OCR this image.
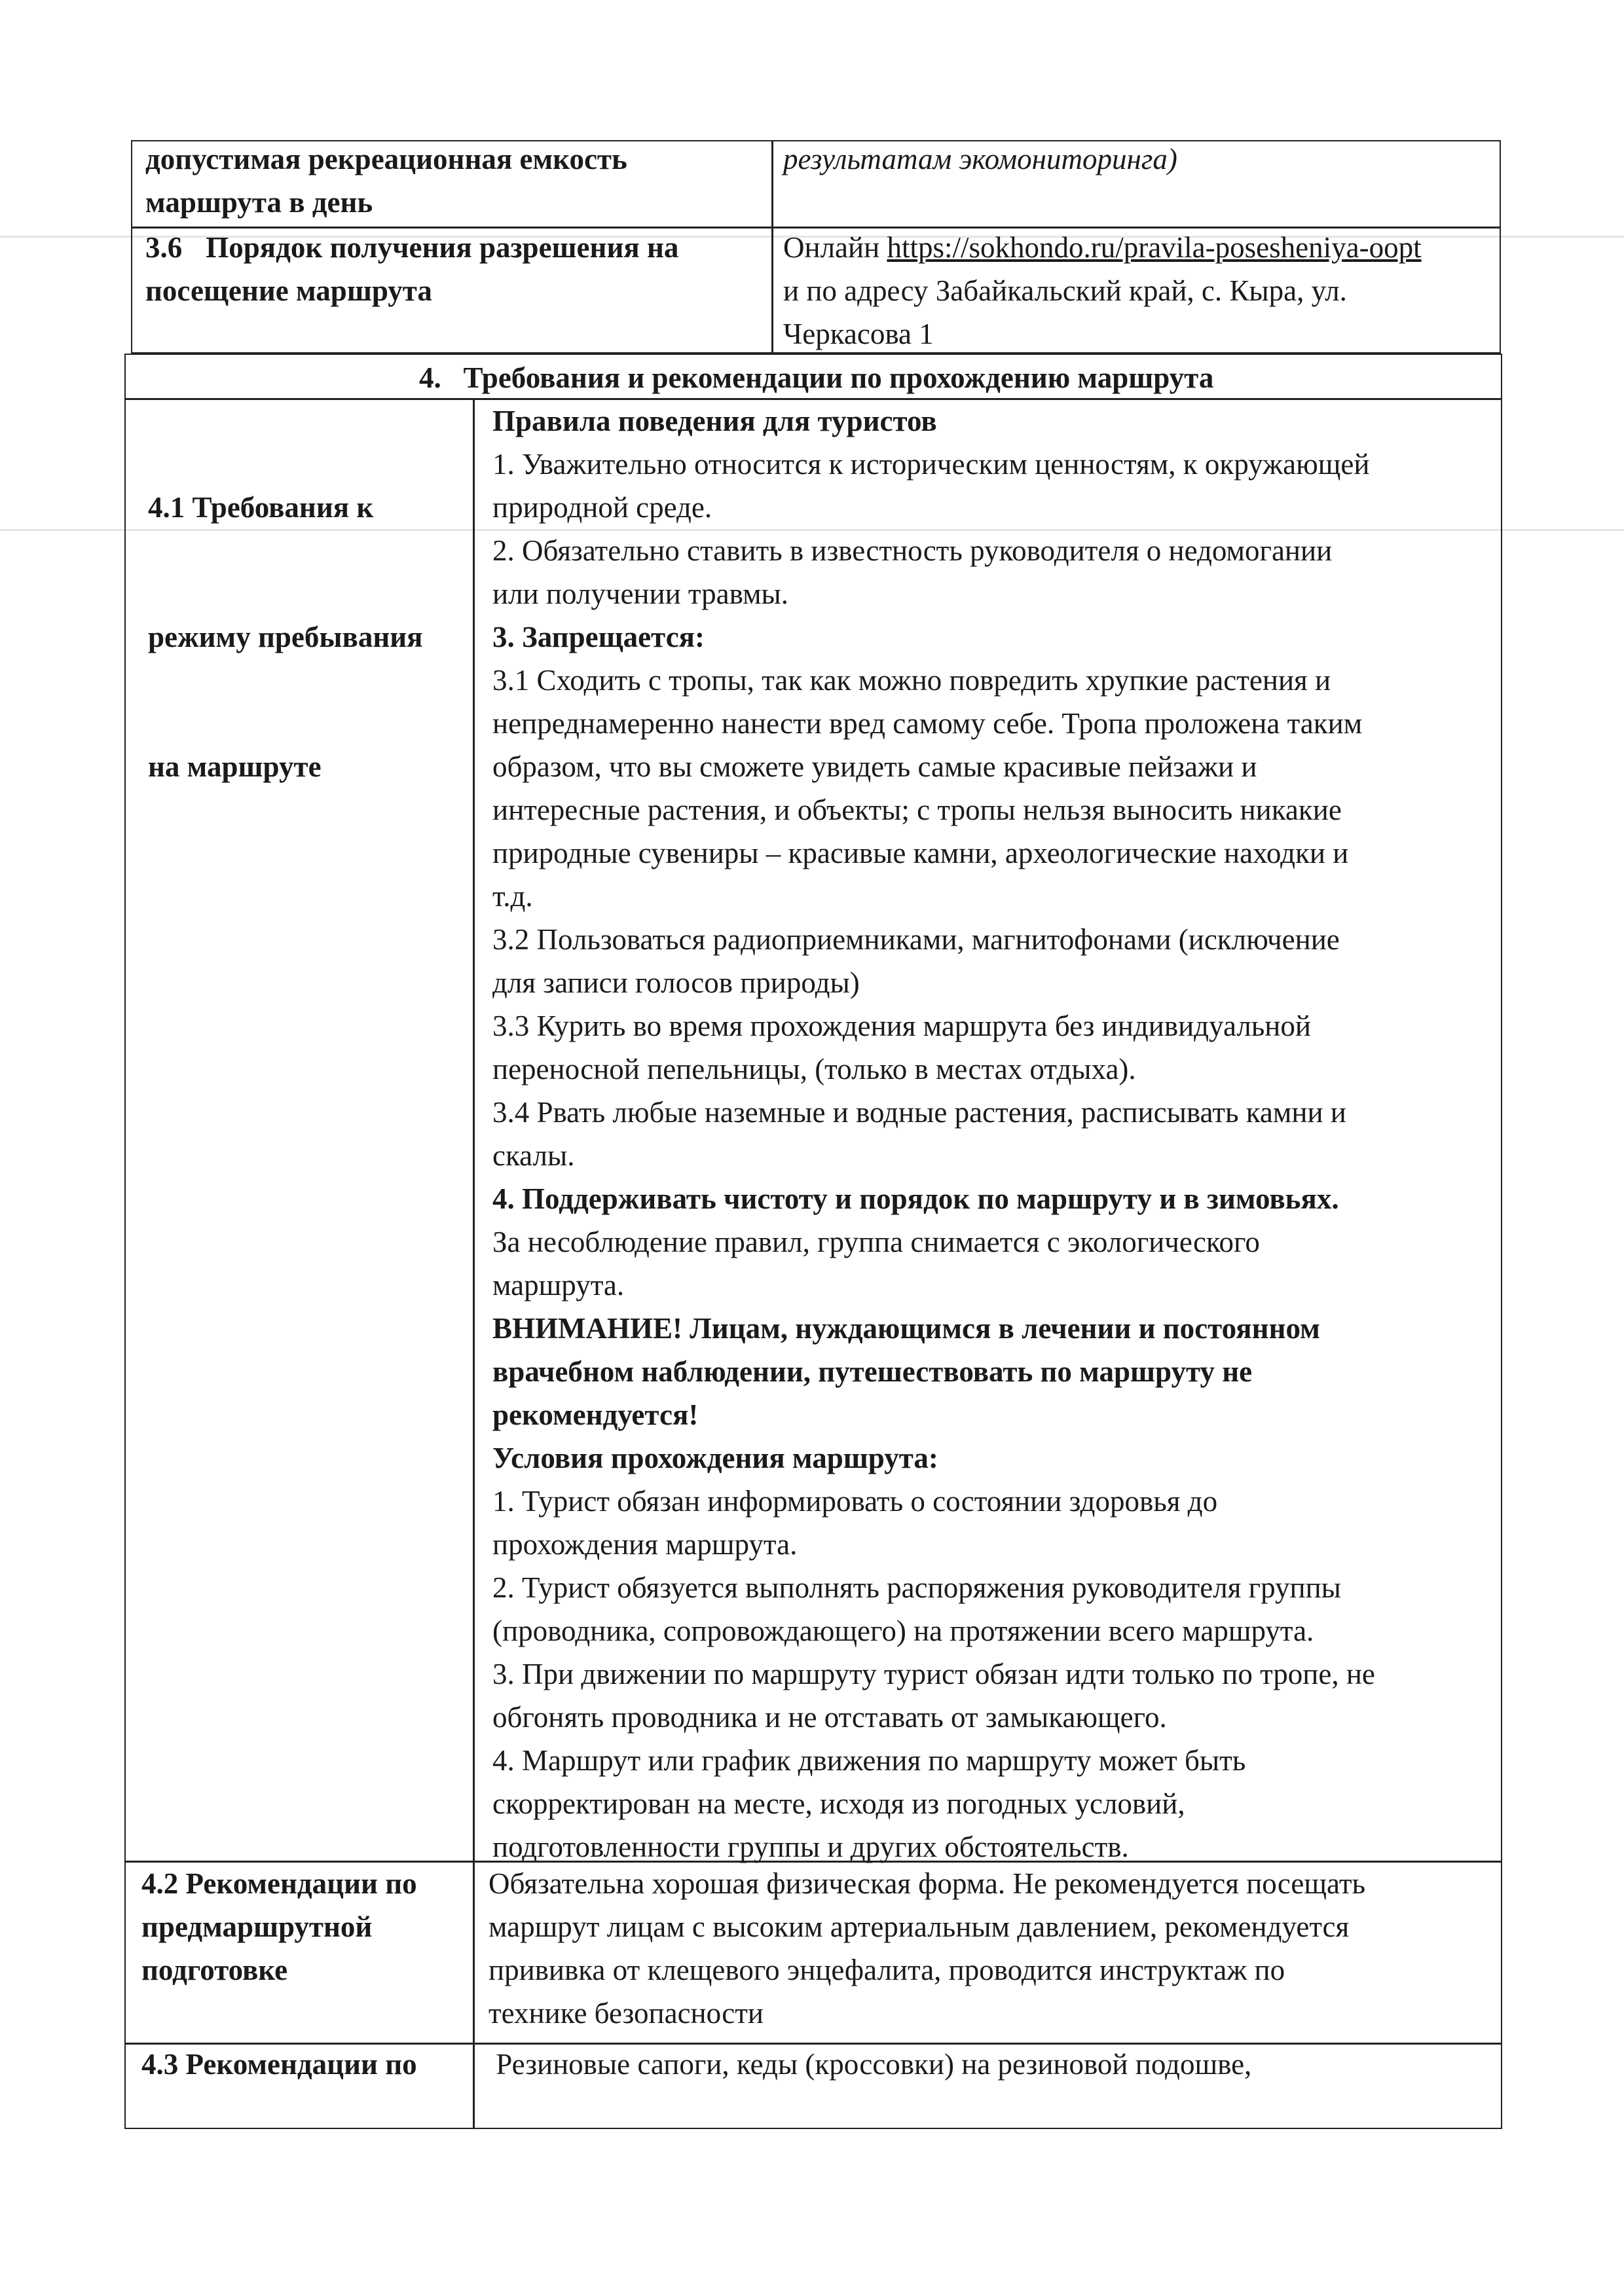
допустимая рекреационная емкость
маршрута в день
результатам экомониторинга)
3.6 Порядок получения разрешения на
посещение маршрута
Онлайн https://sokhondo.ru/pravila-posesheniya-oopt
и по адресу Забайкальский край, с. Кыра, ул.
Черкасова 1
4.   Требования и рекомендации по прохождению маршрута

4.1 Требования к

режиму пребывания

на маршруте

Правила поведения для туристов
1. Уважительно относится к историческим ценностям, к окружающей
природной среде.
2. Обязательно ставить в известность руководителя о недомогании
или получении травмы.
3. Запрещается:
3.1 Сходить с тропы, так как можно повредить хрупкие растения и
непреднамеренно нанести вред самому себе. Тропа проложена таким
образом, что вы сможете увидеть самые красивые пейзажи и
интересные растения, и объекты; с тропы нельзя выносить никакие
природные сувениры – красивые камни, археологические находки и
т.д.
3.2 Пользоваться радиоприемниками, магнитофонами (исключение
для записи голосов природы)
3.3 Курить во время прохождения маршрута без индивидуальной
переносной пепельницы, (только в местах отдыха).
3.4 Рвать любые наземные и водные растения, расписывать камни и
скалы.
4. Поддерживать чистоту и порядок по маршруту и в зимовьях.
За несоблюдение правил, группа снимается с экологического
маршрута.
ВНИМАНИЕ! Лицам, нуждающимся в лечении и постоянном
врачебном наблюдении, путешествовать по маршруту не
рекомендуется!
Условия прохождения маршрута:
1. Турист обязан информировать о состоянии здоровья до
прохождения маршрута.
2. Турист обязуется выполнять распоряжения руководителя группы
(проводника, сопровождающего) на протяжении всего маршрута.
3. При движении по маршруту турист обязан идти только по тропе, не
обгонять проводника и не отставать от замыкающего.
4. Маршрут или график движения по маршруту может быть
скорректирован на месте, исходя из погодных условий,
подготовленности группы и других обстоятельств.
4.2 Рекомендации по
предмаршрутной
подготовке
Обязательна хорошая физическая форма. Не рекомендуется посещать
маршрут лицам с высоким артериальным давлением, рекомендуется
прививка от клещевого энцефалита, проводится инструктаж по
технике безопасности
4.3 Рекомендации по Резиновые сапоги, кеды (кроссовки) на резиновой подошве,
